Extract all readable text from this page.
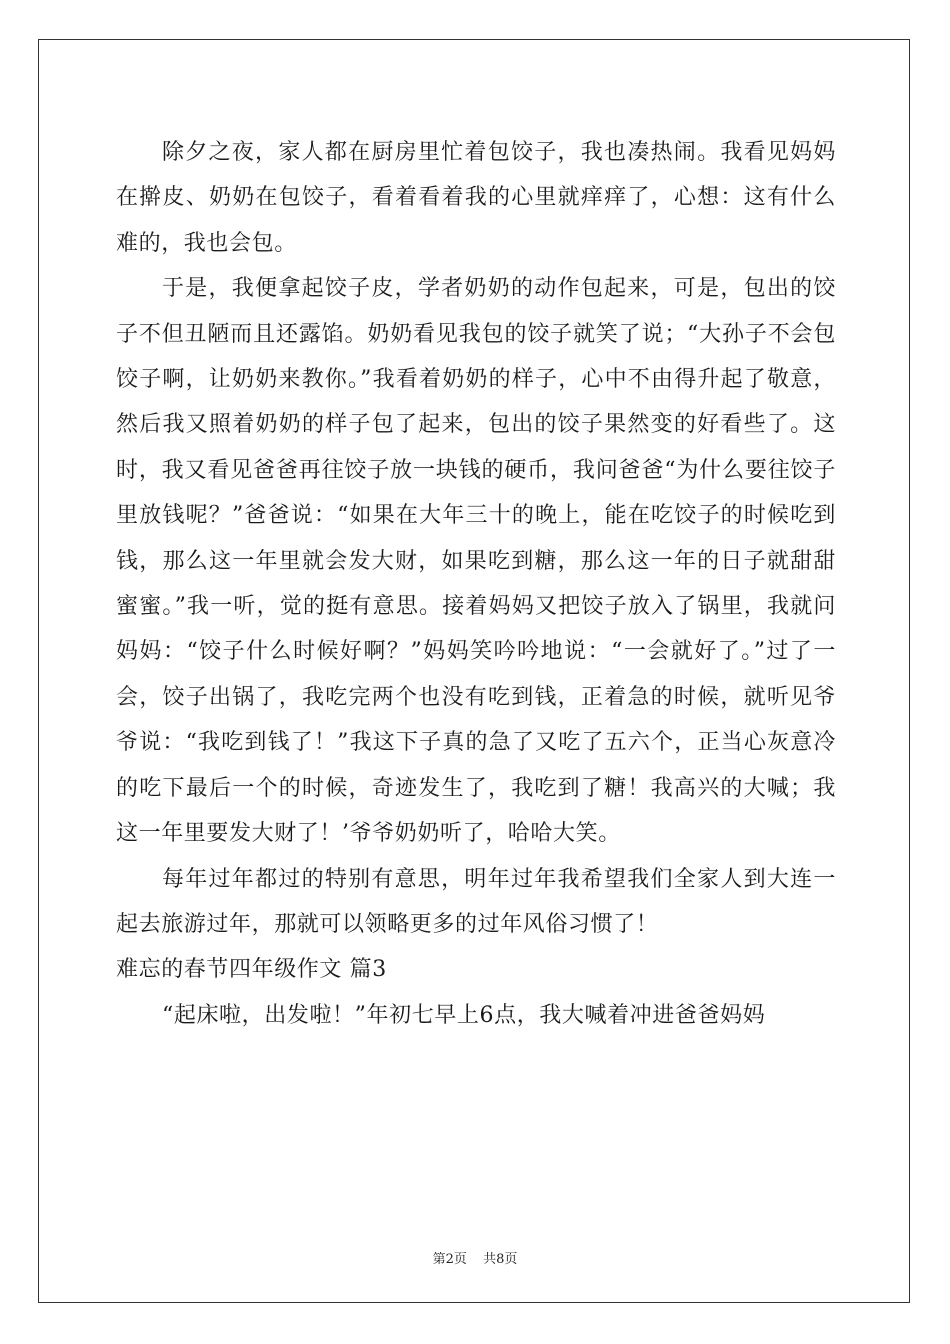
除夕之夜，家人都在厨房里忙着包饺子，我也凑热闹。我看见妈妈在擀皮、奶奶在包饺子，看着看着我的心里就痒痒了，心想：这有什么难的，我也会包。

于是，我便拿起饺子皮，学者奶奶的动作包起来，可是，包出的饺子不但丑陋而且还露馅。奶奶看见我包的饺子就笑了说；“大孙子不会包饺子啊，让奶奶来教你。”我看着奶奶的样子，心中不由得升起了敬意，然后我又照着奶奶的样子包了起来，包出的饺子果然变的好看些了。这时，我又看见爸爸再往饺子放一块钱的硬币，我问爸爸“为什么要往饺子里放钱呢？”爸爸说：“如果在大年三十的晚上，能在吃饺子的时候吃到钱，那么这一年里就会发大财，如果吃到糖，那么这一年的日子就甜甜蜜蜜。”我一听，觉的挺有意思。接着妈妈又把饺子放入了锅里，我就问妈妈：“饺子什么时候好啊？”妈妈笑吟吟地说：“一会就好了。”过了一会，饺子出锅了，我吃完两个也没有吃到钱，正着急的时候，就听见爷爷说：“我吃到钱了！”我这下子真的急了又吃了五六个，正当心灰意冷的吃下最后一个的时候，奇迹发生了，我吃到了糖！我高兴的大喊；我这一年里要发大财了！’爷爷奶奶听了，哈哈大笑。

每年过年都过的特别有意思，明年过年我希望我们全家人到大连一起去旅游过年，那就可以领略更多的过年风俗习惯了！

难忘的春节四年级作文 篇3

“起床啦，出发啦！”年初七早上6点，我大喊着冲进爸爸妈妈

第2页 共8页
